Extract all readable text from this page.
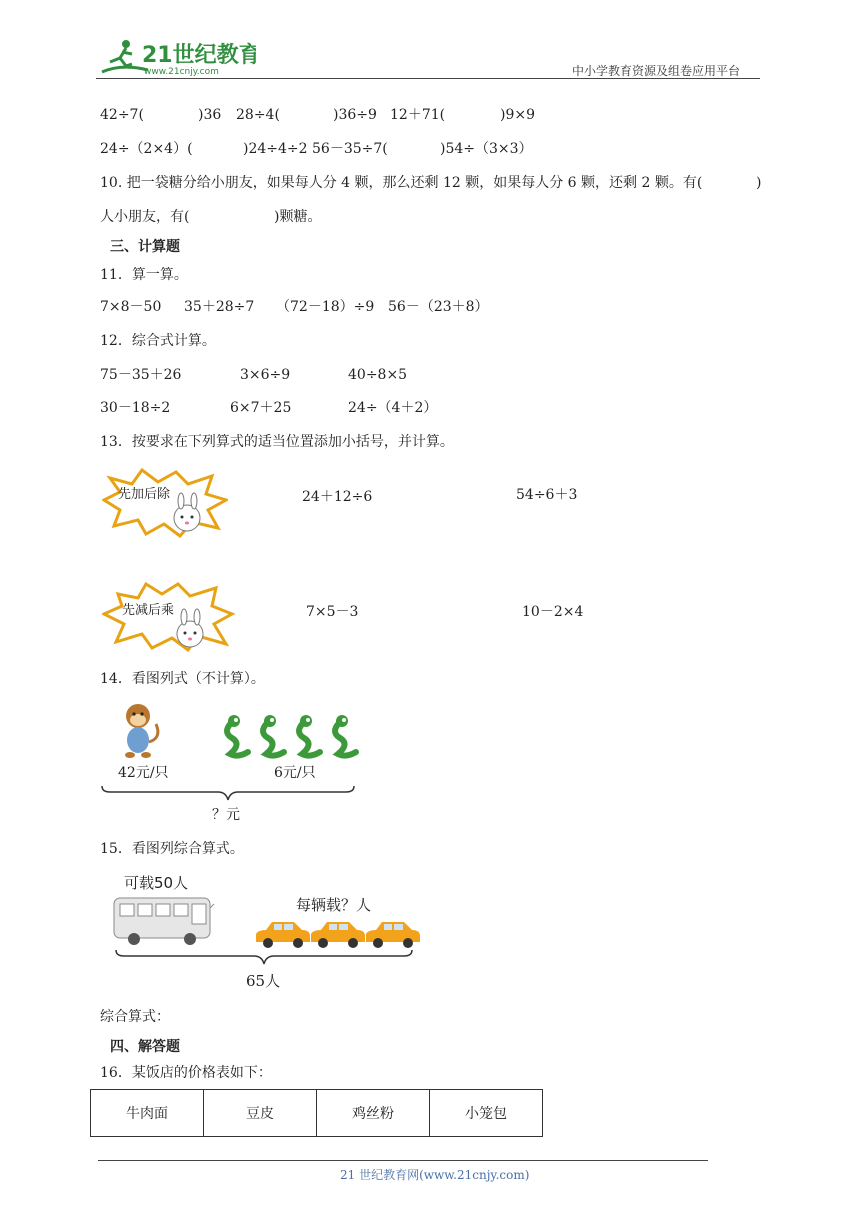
21世纪教育
www.21cnjy.com	中小学教育资源及组卷应用平台
42÷7(	)36 28÷4(	)36÷9 12＋71(	)9×9
24÷（2×4）(	)24÷4÷2 56－35÷7(	)54÷（3×3）
10. 把一袋糖分给小朋友，如果每人分 4 颗，那么还剩 12 颗，如果每人分 6 颗，还剩 2 颗。有(	)
人小朋友，有(	)颗糖。
三、计算题
11．算一算。
7×8－50 35＋28÷7 （72－18）÷9 56－（23＋8）
12．综合式计算。
75－35＋26	3×6÷9	40÷8×5
30－18÷2	6×7＋25	24÷（4＋2）
13．按要求在下列算式的适当位置添加小括号，并计算。
先加后除	24＋12÷6	54÷6＋3
先减后乘	7×5－3	10－2×4
14．看图列式（不计算）。
42元/只	6元/只
？元
15．看图列综合算式。
可载50人
每辆载？人
65人
综合算式：
四、解答题
16．某饭店的价格表如下：
牛肉面	豆皮	鸡丝粉	小笼包
21 世纪教育网(www.21cnjy.com)
